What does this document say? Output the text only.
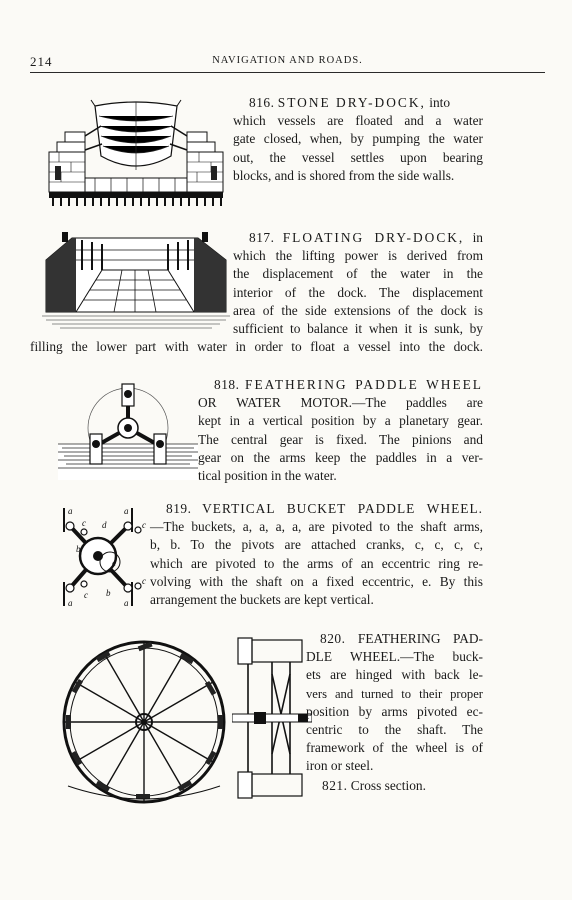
214	NAVIGATION AND ROADS.

816. STONE DRY-DOCK, into

which vessels are floated and a water

gate closed, when, by pumping the water

out, the vessel settles upon bearing

blocks, and is shored from the side walls.

817. FLOATING DRY-DOCK, in

which the lifting power is derived from

the displacement of the water in the

interior of the dock. The displacement

area of the side extensions of the dock is

sufficient to balance it when it is sunk, by

filling the lower part with water in order to float a vessel into the dock.

818. FEATHERING PADDLE WHEEL

OR WATER MOTOR.—The paddles are

kept in a vertical position by a planetary gear.

The central gear is fixed. The pinions and

gear on the arms keep the paddles in a ver-

tical position in the water.

a	a
a	a
b
b
c	c
c
c
d
e

819. VERTICAL BUCKET PADDLE WHEEL.

—The buckets, a, a, a, a, are pivoted to the shaft arms,

b, b. To the pivots are attached cranks, c, c, c, c,

which are pivoted to the arms of an eccentric ring re-

volving with the shaft on a fixed eccentric, e. By this

arrangement the buckets are kept vertical.

820. FEATHERING PAD-

DLE WHEEL.—The buck-

ets are hinged with back le-

vers and turned to their proper

position by arms pivoted ec-

centric to the shaft. The

framework of the wheel is of

iron or steel.

821. Cross section.
